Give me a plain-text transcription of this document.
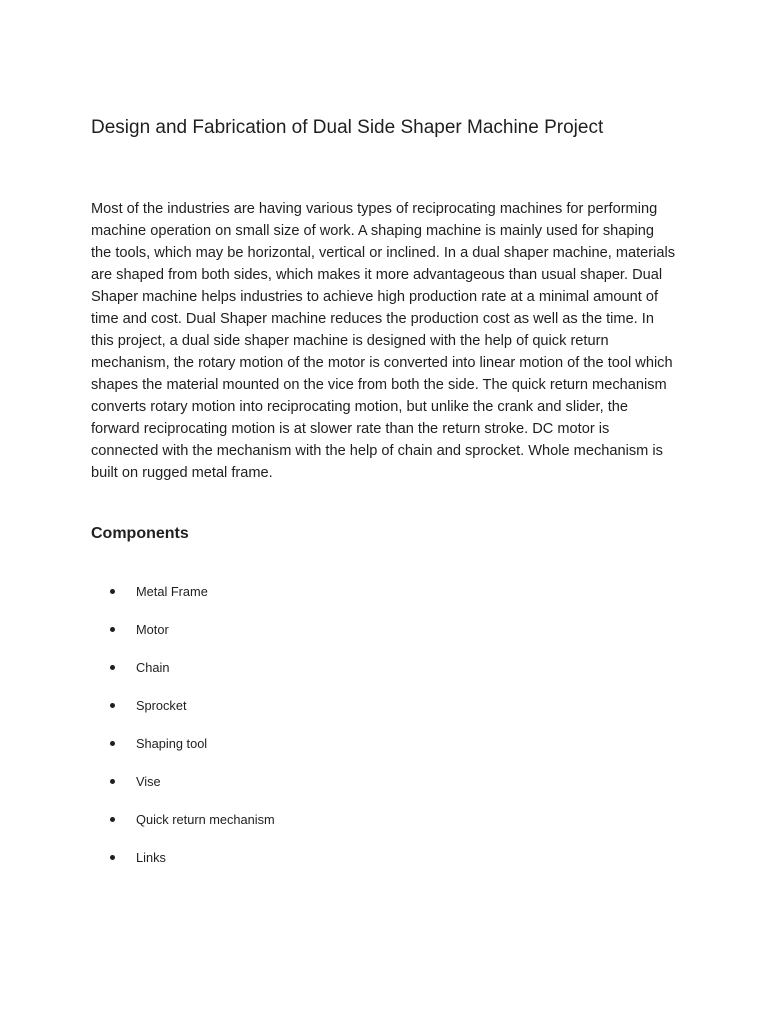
Design and Fabrication of Dual Side Shaper Machine Project

Most of the industries are having various types of reciprocating machines for performing machine operation on small size of work. A shaping machine is mainly used for shaping the tools, which may be horizontal, vertical or inclined. In a dual shaper machine, materials are shaped from both sides, which makes it more advantageous than usual shaper. Dual Shaper machine helps industries to achieve high production rate at a minimal amount of time and cost. Dual Shaper machine reduces the production cost as well as the time. In this project, a dual side shaper machine is designed with the help of quick return mechanism, the rotary motion of the motor is converted into linear motion of the tool which shapes the material mounted on the vice from both the side. The quick return mechanism converts rotary motion into reciprocating motion, but unlike the crank and slider, the forward reciprocating motion is at slower rate than the return stroke. DC motor is connected with the mechanism with the help of chain and sprocket. Whole mechanism is built on rugged metal frame.

Components
Metal Frame
Motor
Chain
Sprocket
Shaping tool
Vise
Quick return mechanism
Links
